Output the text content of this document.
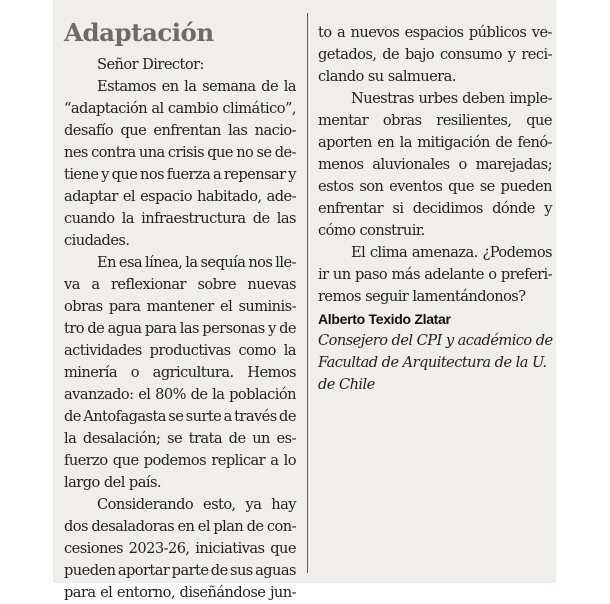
Adaptación
Señor Director:
Estamos en la semana de la
“adaptación al cambio climático”,
desafío que enfrentan las nacio-
nes contra una crisis que no se de-
tiene y que nos fuerza a repensar y
adaptar el espacio habitado, ade-
cuando la infraestructura de las
ciudades.
En esa línea, la sequía nos lle-
va a reflexionar sobre nuevas
obras para mantener el suminis-
tro de agua para las personas y de
actividades productivas como la
minería o agricultura. Hemos
avanzado: el 80% de la población
de Antofagasta se surte a través de
la desalación; se trata de un es-
fuerzo que podemos replicar a lo
largo del país.
Considerando esto, ya hay
dos desaladoras en el plan de con-
cesiones 2023-26, iniciativas que
pueden aportar parte de sus aguas
para el entorno, diseñándose jun-
to a nuevos espacios públicos ve-
getados, de bajo consumo y reci-
clando su salmuera.
Nuestras urbes deben imple-
mentar obras resilientes, que
aporten en la mitigación de fenó-
menos aluvionales o marejadas;
estos son eventos que se pueden
enfrentar si decidimos dónde y
cómo construir.
El clima amenaza. ¿Podemos
ir un paso más adelante o preferi-
remos seguir lamentándonos?
Alberto Texido Zlatar
Consejero del CPI y académico de
Facultad de Arquitectura de la U.
de Chile
